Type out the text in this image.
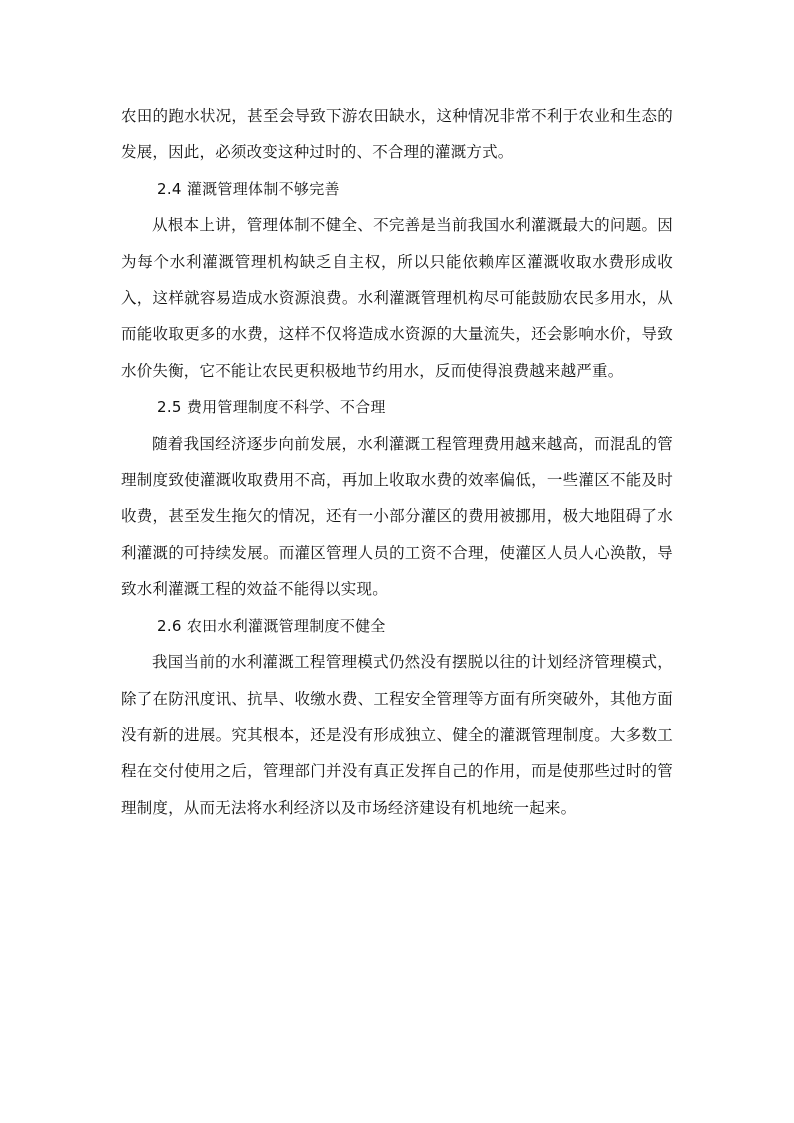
农田的跑水状况，甚至会导致下游农田缺水，这种情况非常不利于农业和生态的发展，因此，必须改变这种过时的、不合理的灌溉方式。

2.4 灌溉管理体制不够完善

从根本上讲，管理体制不健全、不完善是当前我国水利灌溉最大的问题。因为每个水利灌溉管理机构缺乏自主权，所以只能依赖库区灌溉收取水费形成收入，这样就容易造成水资源浪费。水利灌溉管理机构尽可能鼓励农民多用水，从而能收取更多的水费，这样不仅将造成水资源的大量流失，还会影响水价，导致水价失衡，它不能让农民更积极地节约用水，反而使得浪费越来越严重。

2.5 费用管理制度不科学、不合理

随着我国经济逐步向前发展，水利灌溉工程管理费用越来越高，而混乱的管理制度致使灌溉收取费用不高，再加上收取水费的效率偏低，一些灌区不能及时收费，甚至发生拖欠的情况，还有一小部分灌区的费用被挪用，极大地阻碍了水利灌溉的可持续发展。而灌区管理人员的工资不合理，使灌区人员人心涣散，导致水利灌溉工程的效益不能得以实现。

2.6 农田水利灌溉管理制度不健全

我国当前的水利灌溉工程管理模式仍然没有摆脱以往的计划经济管理模式，除了在防汛度讯、抗旱、收缴水费、工程安全管理等方面有所突破外，其他方面没有新的进展。究其根本，还是没有形成独立、健全的灌溉管理制度。大多数工程在交付使用之后，管理部门并没有真正发挥自己的作用，而是使那些过时的管理制度，从而无法将水利经济以及市场经济建设有机地统一起来。
